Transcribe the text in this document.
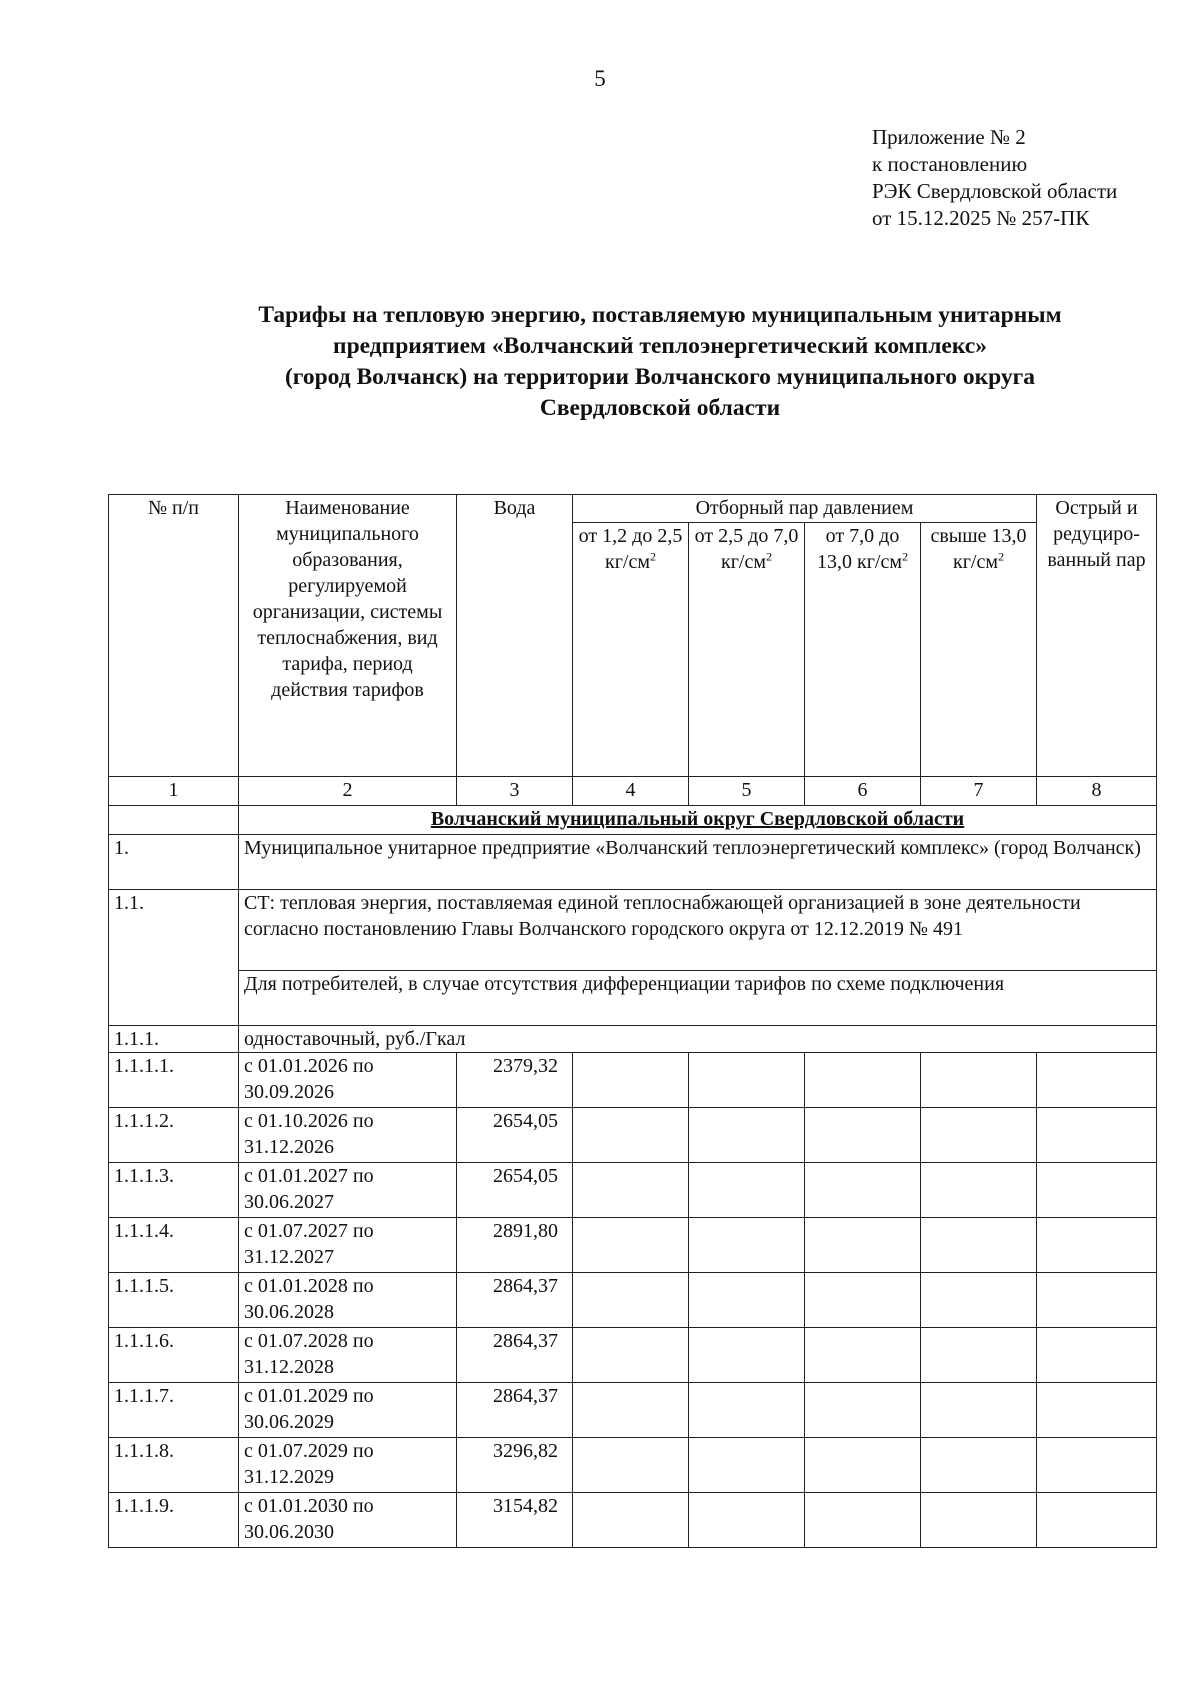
5
Приложение № 2
к постановлению
РЭК Свердловской области
от 15.12.2025 № 257-ПК
Тарифы на тепловую энергию, поставляемую муниципальным унитарным
предприятием «Волчанский теплоэнергетический комплекс»
(город Волчанск) на территории Волчанского муниципального округа
Свердловской области
№ п/п	Наименование муниципального образования, регулируемой организации, системы теплоснабжения, вид тарифа, период действия тарифов	Вода	Отборный пар давлением				Острый и редуциро-ванный пар
			от 1,2 до 2,5 $кг/см^2$	от 2,5 до 7,0 $кг/см^2$	от 7,0 до 13,0 $кг/см^2$	свыше 13,0 $кг/см^2$
1	2	3	4	5	6	7	8
	Волчанский муниципальный округ Свердловской области						
1.	Муниципальное унитарное предприятие «Волчанский теплоэнергетический комплекс» (город Волчанск)						
1.1.	СТ: тепловая энергия, поставляемая единой теплоснабжающей организацией в зоне деятельности согласно постановлению Главы Волчанского городского округа от 12.12.2019 № 491						
	Для потребителей, в случае отсутствия дифференциации тарифов по схеме подключения						
1.1.1.	одноставочный, руб./Гкал						
1.1.1.1.	с 01.01.2026 по 30.09.2026	2379,32					
1.1.1.2.	с 01.10.2026 по 31.12.2026	2654,05					
1.1.1.3.	с 01.01.2027 по 30.06.2027	2654,05					
1.1.1.4.	с 01.07.2027 по 31.12.2027	2891,80					
1.1.1.5.	с 01.01.2028 по 30.06.2028	2864,37					
1.1.1.6.	с 01.07.2028 по 31.12.2028	2864,37					
1.1.1.7.	с 01.01.2029 по 30.06.2029	2864,37					
1.1.1.8.	с 01.07.2029 по 31.12.2029	3296,82					
1.1.1.9.	с 01.01.2030 по 30.06.2030	3154,82					
